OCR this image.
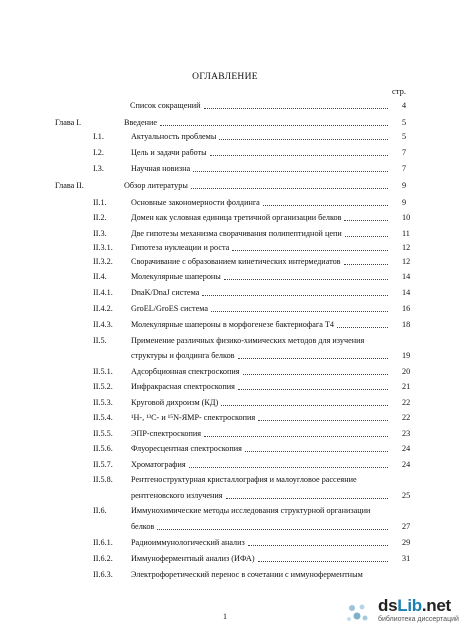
ОГЛАВЛЕНИЕ
стр.
Список сокращений	4
Глава I.	Введение	5
I.1.	Актуальность проблемы	5
I.2.	Цель и задачи работы	7
I.3.	Научная новизна	7
Глава II.	Обзор литературы	9
II.1.	Основные закономерности фолдинга	9
II.2.	Домен как условная единица третичной организации белков	10
II.3.	Две гипотезы механизма сворачивания полипептидной цепи	11
II.3.1. Гипотеза нуклеации и роста	12
II.3.2. Сворачивание с образованием кинетических интермедиатов	12
II.4.	Молекулярные шапероны	14
II.4.1. DnaK/DnaJ система	14
II.4.2. GroEL/GroES система	16
II.4.3. Молекулярные шапероны в морфогенезе бактериофага T4	18
II.5.	Применение различных физико-химических методов для изучения
структуры и фолдинга белков	19
II.5.1. Адсорбционная спектроскопия	20
II.5.2. Инфракрасная спектроскопия	21
II.5.3. Круговой дихроизм (КД)	22
II.5.4. ¹H-, ¹³C- и ¹⁵N-ЯМР- спектроскопия	22
II.5.5. ЭПР-спектроскопия	23
II.5.6. Флуоресцентная спектроскопия	24
II.5.7. Хроматография	24
II.5.8. Рентгеноструктурная кристаллография и малоугловое рассеяние
рентгеновского излучения	25
II.6.	Иммунохимические методы исследования структурной организации
белков	27
II.6.1. Радиоиммунологический анализ	29
II.6.2. Иммуноферментный анализ (ИФА)	31
II.6.3. Электрофоретический перенос в сочетании с иммуноферментным
1
dsLib.net
библиотека диссертаций
